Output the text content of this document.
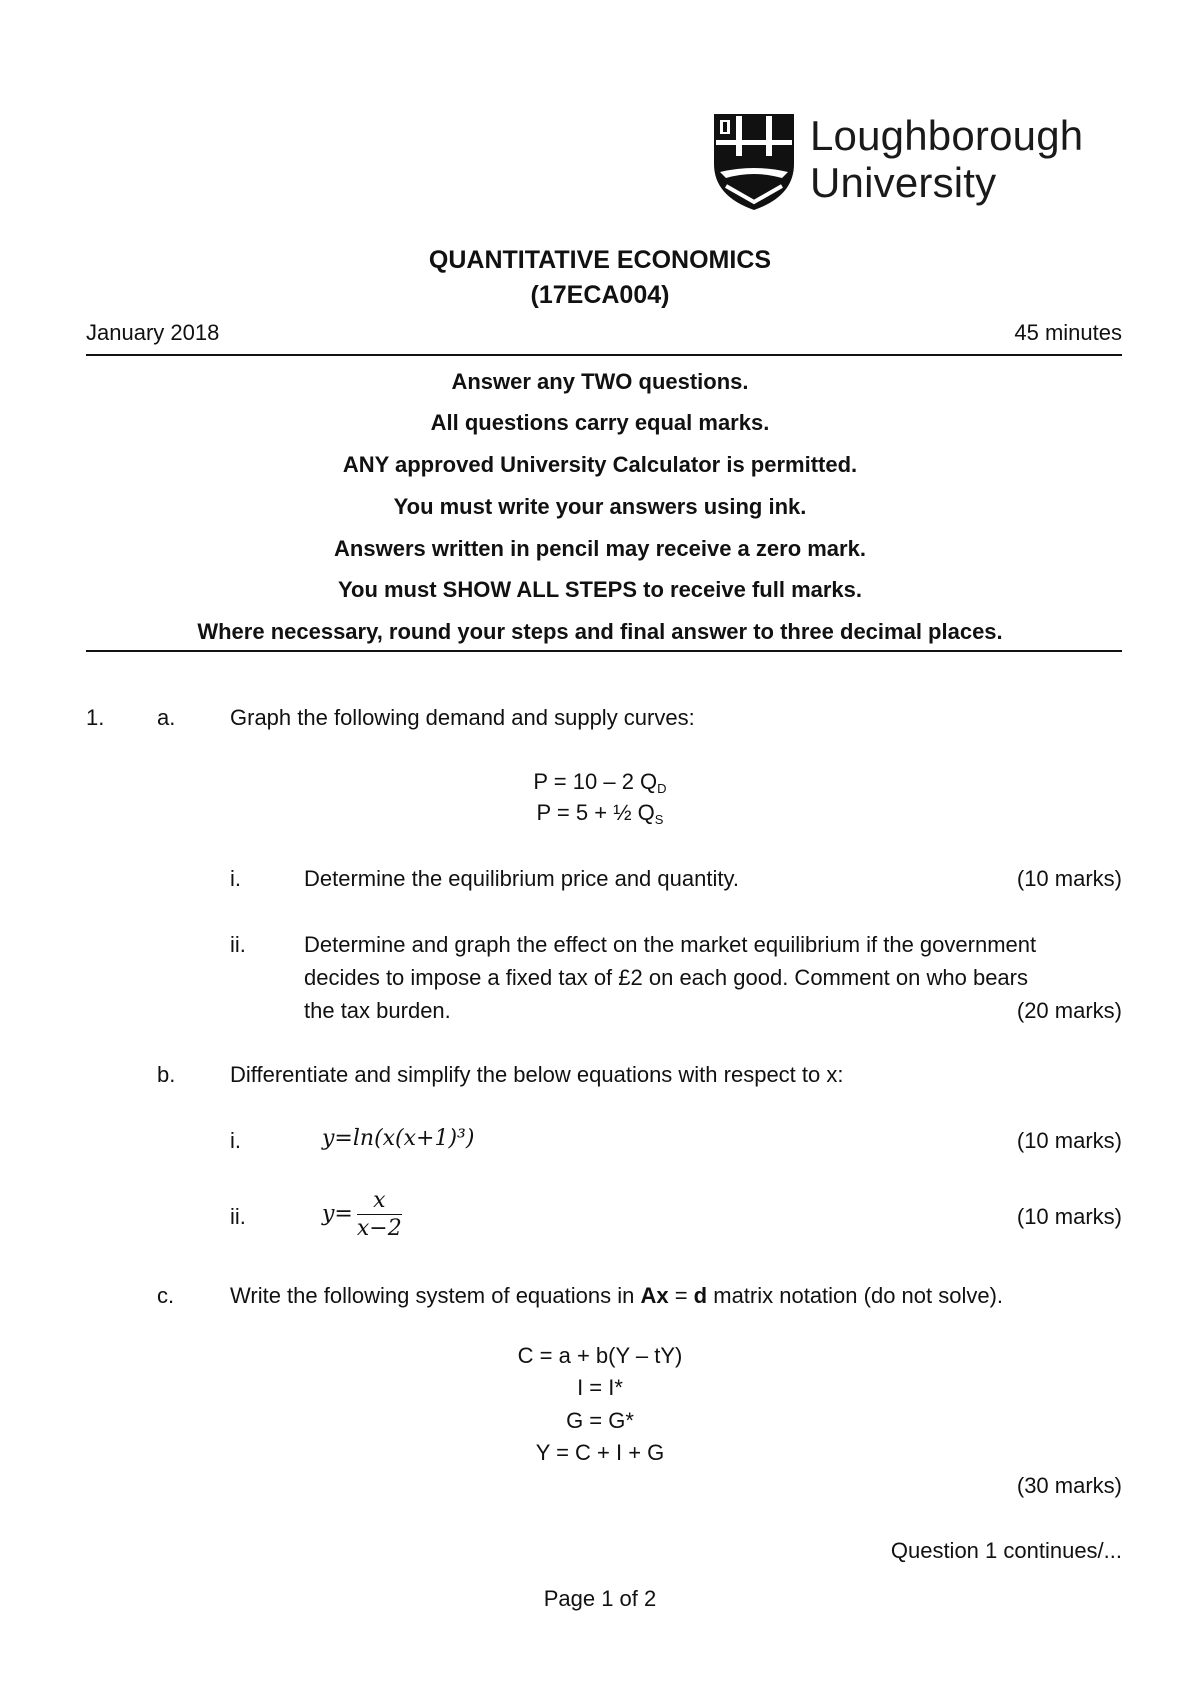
Loughborough
University
QUANTITATIVE ECONOMICS
(17ECA004)
January 2018	45 minutes
Answer any TWO questions.
All questions carry equal marks.
ANY approved University Calculator is permitted.
You must write your answers using ink.
Answers written in pencil may receive a zero mark.
You must SHOW ALL STEPS to receive full marks.
Where necessary, round your steps and final answer to three decimal places.
1. a. Graph the following demand and supply curves:
P = 10 – 2 $Q_D$
P = 5 + ½ $Q_S$
i.	Determine the equilibrium price and quantity.	(10 marks)
ii.	Determine and graph the effect on the market equilibrium if the government
decides to impose a fixed tax of £2 on each good. Comment on who bears
the tax burden.	(20 marks)
b. Differentiate and simplify the below equations with respect to x:
i.	y=ln(x(x+1)³)	(10 marks)
ii.	$y= \frac{x}{x-2}$	(10 marks)
c.	Write the following system of equations in Ax = d matrix notation (do not solve).
C = a + b(Y – tY)
I = I*
G = G*
Y = C + I + G
(30 marks)
Question 1 continues/...
Page 1 of 2
